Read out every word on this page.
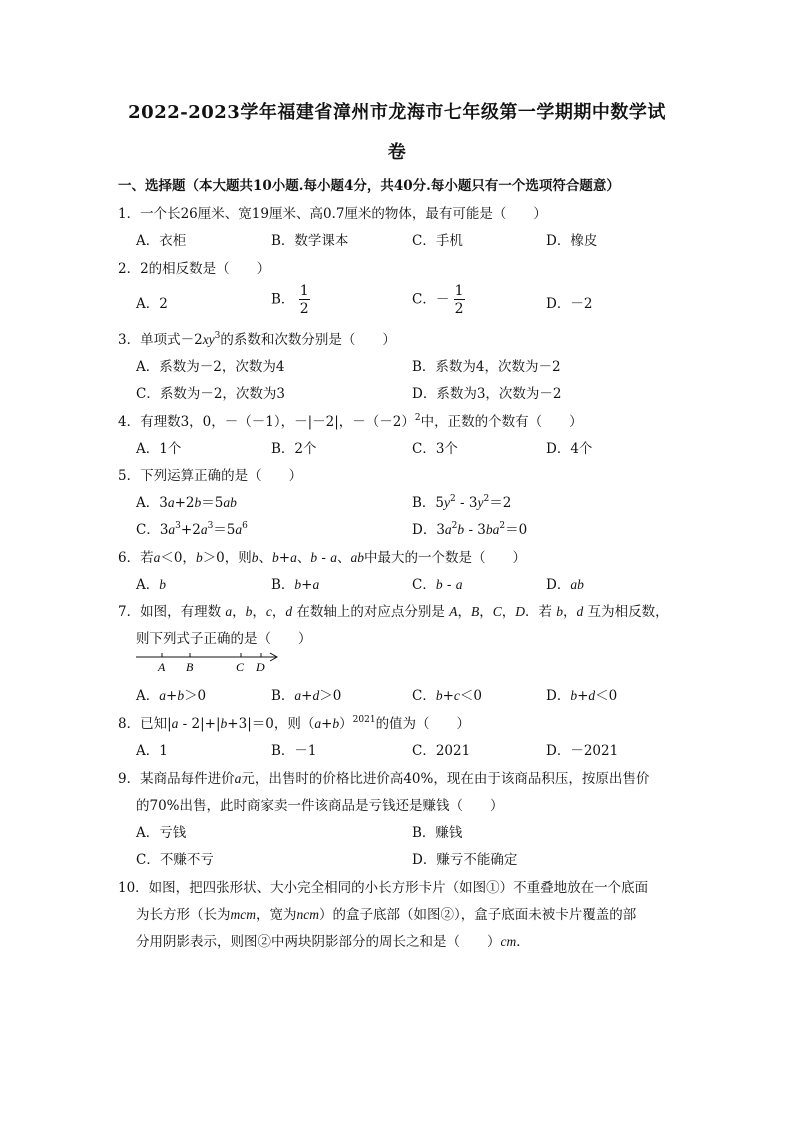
2022-2023学年福建省漳州市龙海市七年级第一学期期中数学试
卷
一、选择题（本大题共10小题.每小题4分，共40分.每小题只有一个选项符合题意）
1．一个长26厘米、宽19厘米、高0.7厘米的物体，最有可能是（　　）
A．衣柜	B．数学课本	C．手机	D．橡皮
2．2的相反数是（　　）
A．2	B． $\frac{1}{2}$	C．－ $\frac{1}{2}$	D．－2
3．单项式$-2xy^3$的系数和次数分别是（　　）
A．系数为－2，次数为4	B．系数为4，次数为－2
C．系数为－2，次数为3	D．系数为3，次数为－2
4．有理数3，0，－（－1），－|－2|，$-(-2)^2$中，正数的个数有（　　）
A．1个	B．2个	C．3个	D．4个
5．下列运算正确的是（　　）
A．3a+2b＝5ab	B．$5y^2 - 3y^2=2$
C．$3a^3+2a^3=5a^6$	D．$3a^2b - 3ba^2=0$
6．若a＜0，b＞0，则b、b+a、b - a、ab中最大的一个数是（　　）
A．b	B．b+a	C．b - a	D．ab
7．如图，有理数 a，b，c，d 在数轴上的对应点分别是 A，B，C，D．若 b，d 互为相反数，
则下列式子正确的是（　　）
A B	C D
A．a+b＞0	B．a+d＞0	C．b+c＜0	D．b+d＜0
8．已知|a - 2|+|b+3|＝0，则$(a+b)^{2021}$的值为（　　）
A．1	B．－1	C．2021	D．－2021
9．某商品每件进价a元，出售时的价格比进价高40%，现在由于该商品积压，按原出售价
的70%出售，此时商家卖一件该商品是亏钱还是赚钱（　　）
A．亏钱	B．赚钱
C．不赚不亏	D．赚亏不能确定
10．如图，把四张形状、大小完全相同的小长方形卡片（如图①）不重叠地放在一个底面
为长方形（长为mcm，宽为ncm）的盒子底部（如图②），盒子底面未被卡片覆盖的部
分用阴影表示，则图②中两块阴影部分的周长之和是（　　）cm．
